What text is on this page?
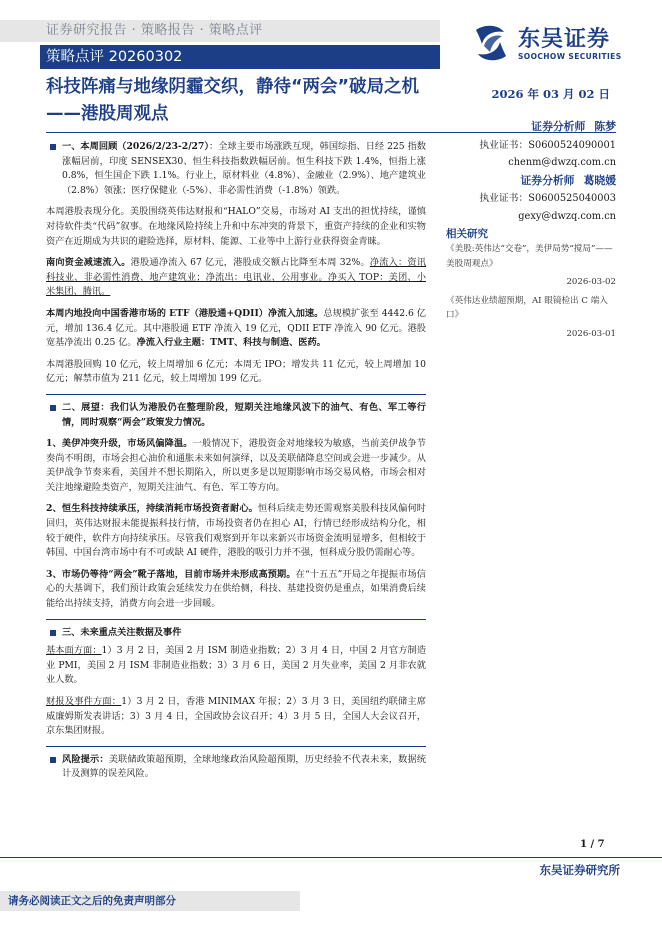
证券研究报告 · 策略报告 · 策略点评
策略点评 20260302
东吴证券
SOOCHOW SECURITIES
科技阵痛与地缘阴霾交织，静待“两会”破局之机——港股周观点
2026 年 03 月 02 日
一、本周回顾（2026/2/23-2/27）：全球主要市场涨跌互现，韩国综指、日经 225 指数涨幅居前，印度 SENSEX30、恒生科技指数跌幅居前。恒生科技下跌 1.4%，恒指上涨 0.8%，恒生国企下跌 1.1%。行业上，原材料业（4.8%）、金融业（2.9%）、地产建筑业（2.8%）领涨；医疗保健业（-5%）、非必需性消费（-1.8%）领跌。
本周港股表现分化。美股围绕英伟达财报和“HALO”交易，市场对 AI 支出的担忧持续，谨慎对待软件类“代码”叙事。在地缘风险持续上升和中东冲突的背景下，重资产持续的企业和实物资产在近期成为共识的避险选择，原材料、能源、工业等中上游行业获得资金青睐。
南向资金减速流入。港股通净流入 67 亿元，港股成交额占比降至本周 32%。净流入：资讯科技业、非必需性消费、地产建筑业；净流出：电讯业、公用事业。净买入 TOP：美团、小米集团、腾讯。
本周内地投向中国香港市场的 ETF（港股通+QDII）净流入加速。总规模扩张至 4442.6 亿元，增加 136.4 亿元。其中港股通 ETF 净流入 19 亿元，QDII ETF 净流入 90 亿元。港股宽基净流出 0.25 亿。净流入行业主题：TMT、科技与制造、医药。
本周港股回购 10 亿元，较上周增加 6 亿元；本周无 IPO；增发共 11 亿元，较上周增加 10 亿元；解禁市值为 211 亿元，较上周增加 199 亿元。
二、展望：我们认为港股仍在整理阶段，短期关注地缘风波下的油气、有色、军工等行情，同时观察“两会”政策发力情况。
1、美伊冲突升级，市场风偏降温。一般情况下，港股资金对地缘较为敏感，当前美伊战争节奏尚不明朗，市场会担心油价和通胀未来如何演绎，以及美联储降息空间或会进一步减少。从美伊战争节奏来看，美国并不想长期陷入，所以更多是以短期影响市场交易风格，市场会相对关注地缘避险类资产，短期关注油气、有色、军工等方向。
2、恒生科技持续承压，持续消耗市场投资者耐心。恒科后续走势还需观察美股科技风偏何时回归，英伟达财报未能提振科技行情，市场投资者仍在担心 AI，行情已经形成结构分化，相较于硬件，软件方向持续承压。尽管我们观察到开年以来新兴市场资金流明显增多，但相较于韩国、中国台湾市场中有不可或缺 AI 硬件，港股的吸引力并不强，恒科成分股仍需耐心等。
3、市场仍等待“两会”靴子落地，目前市场并未形成高预期。在“十五五”开局之年提振市场信心的大基调下，我们预计政策会延续发力在供给侧，科技、基建投资仍是重点，如果消费后续能给出持续支持，消费方向会进一步回暖。
三、未来重点关注数据及事件
基本面方面：1）3 月 2 日，美国 2 月 ISM 制造业指数；2）3 月 4 日，中国 2 月官方制造业 PMI，美国 2 月 ISM 非制造业指数；3）3 月 6 日，美国 2 月失业率，美国 2 月非农就业人数。
财报及事件方面：1）3 月 2 日，香港 MINIMAX 年报；2）3 月 3 日，美国纽约联储主席威廉姆斯发表讲话；3）3 月 4 日，全国政协会议召开；4）3 月 5 日，全国人大会议召开，京东集团财报。
风险提示：美联储政策超预期，全球地缘政治风险超预期，历史经验不代表未来，数据统计及测算的误差风险。
证券分析师 陈梦
执业证书：S0600524090001
chenm@dwzq.com.cn
证券分析师 葛晓媛
执业证书：S0600525040003
gexy@dwzq.com.cn
相关研究
《美股:英伟达“交卷”，美伊局势“搅局”——美股周观点》
2026-03-02
《英伟达业绩超预期，AI 眼镜检出 C 端入口》
2026-03-01
1 / 7
东吴证券研究所
请务必阅读正文之后的免责声明部分
